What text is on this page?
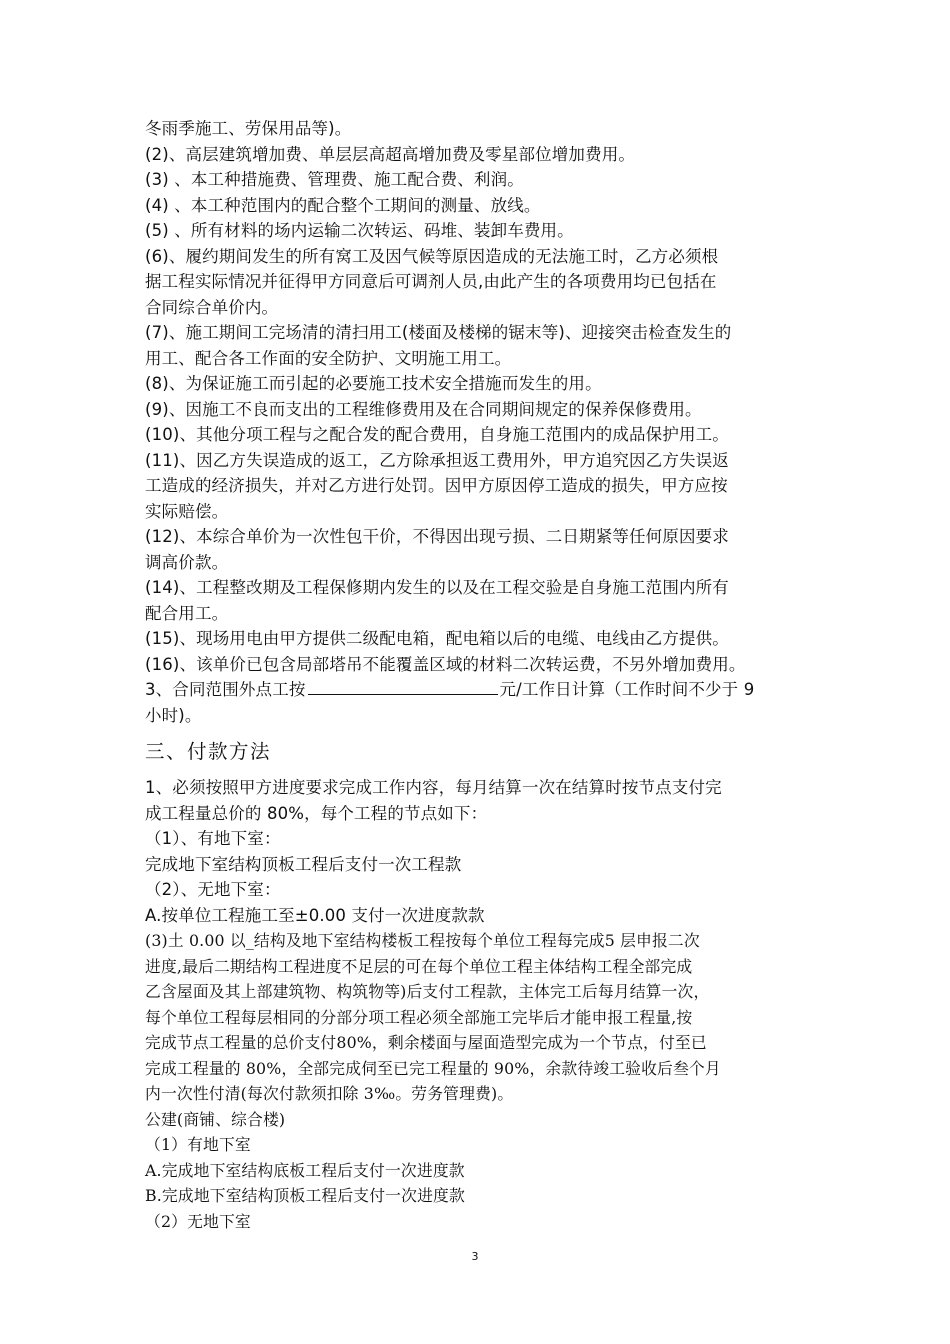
冬雨季施工、劳保用品等)。
(2)、高层建筑增加费、单层层高超高增加费及零星部位增加费用。
(3) 、本工种措施费、管理费、施工配合费、利润。
(4) 、本工种范围内的配合整个工期间的测量、放线。
(5) 、所有材料的场内运输二次转运、码堆、装卸车费用。
(6)、履约期间发生的所有窝工及因气候等原因造成的无法施工时，乙方必须根
据工程实际情况并征得甲方同意后可调剂人员,由此产生的各项费用均已包括在
合同综合单价内。
(7)、施工期间工完场清的清扫用工(楼面及楼梯的锯末等)、迎接突击检查发生的
用工、配合各工作面的安全防护、文明施工用工。
(8)、为保证施工而引起的必要施工技术安全措施而发生的用。
(9)、因施工不良而支出的工程维修费用及在合同期间规定的保养保修费用。
(10)、其他分项工程与之配合发的配合费用，自身施工范围内的成品保护用工。
(11)、因乙方失误造成的返工，乙方除承担返工费用外，甲方追究因乙方失误返
工造成的经济损失，并对乙方进行处罚。因甲方原因停工造成的损失，甲方应按
实际赔偿。
(12)、本综合单价为一次性包干价，不得因出现亏损、二日期紧等任何原因要求
调高价款。
(14)、工程整改期及工程保修期内发生的以及在工程交验是自身施工范围内所有
配合用工。
(15)、现场用电由甲方提供二级配电箱，配电箱以后的电缆、电线由乙方提供。
(16)、该单价已包含局部塔吊不能覆盖区域的材料二次转运费，不另外增加费用。
3、合同范围外点工按	元/工作日计算（工作时间不少于 9
小时)。
三、付款方法
1、必须按照甲方进度要求完成工作内容，每月结算一次在结算时按节点支付完
成工程量总价的 80%，每个工程的节点如下：
（1）、有地下室：
完成地下室结构顶板工程后支付一次工程款
（2）、无地下室：
A.按单位工程施工至±0.00 支付一次进度款款
(3)土 0.00 以_结构及地下室结构楼板工程按每个单位工程每完成5 层申报二次
进度,最后二期结构工程进度不足层的可在每个单位工程主体结构工程全部完成
乙含屋面及其上部建筑物、构筑物等)后支付工程款，主体完工后每月结算一次，
每个单位工程每层相同的分部分项工程必须全部施工完毕后才能申报工程量,按
完成节点工程量的总价支付80%，剩余楼面与屋面造型完成为一个节点，付至已
完成工程量的 80%，全部完成伺至已完工程量的 90%，余款待竣工验收后叁个月
内一次性付清(每次付款须扣除 3‰。劳务管理费)。
公建(商铺、综合楼)
（1）有地下室
A.完成地下室结构底板工程后支付一次进度款
B.完成地下室结构顶板工程后支付一次进度款
（2）无地下室
3
